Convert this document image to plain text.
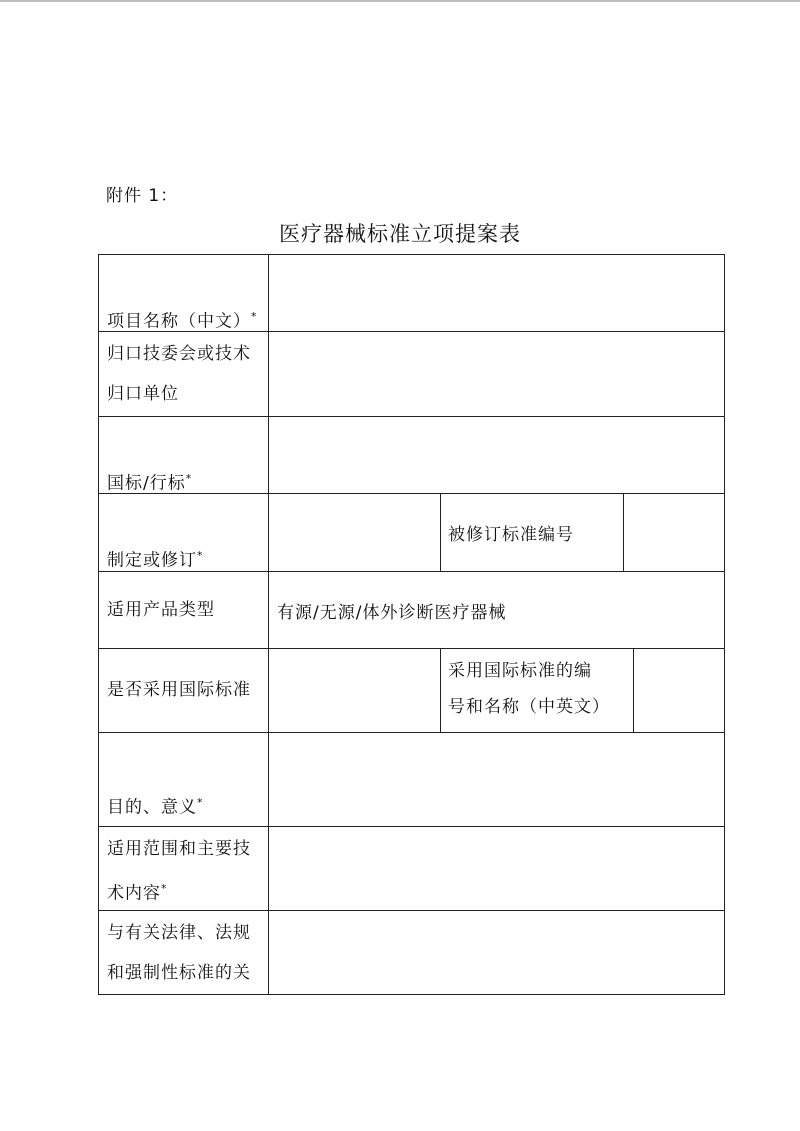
附件 1：
医疗器械标准立项提案表

项目名称（中文）*

归口技委会或技术
归口单位

国标/行标*

制定或修订*

被修订标准编号
适用产品类型	有源/无源/体外诊断医疗器械
是否采用国际标准
采用国际标准的编
号和名称（中英文）

目的、意义*

适用范围和主要技
术内容*
与有关法律、法规
和强制性标准的关
